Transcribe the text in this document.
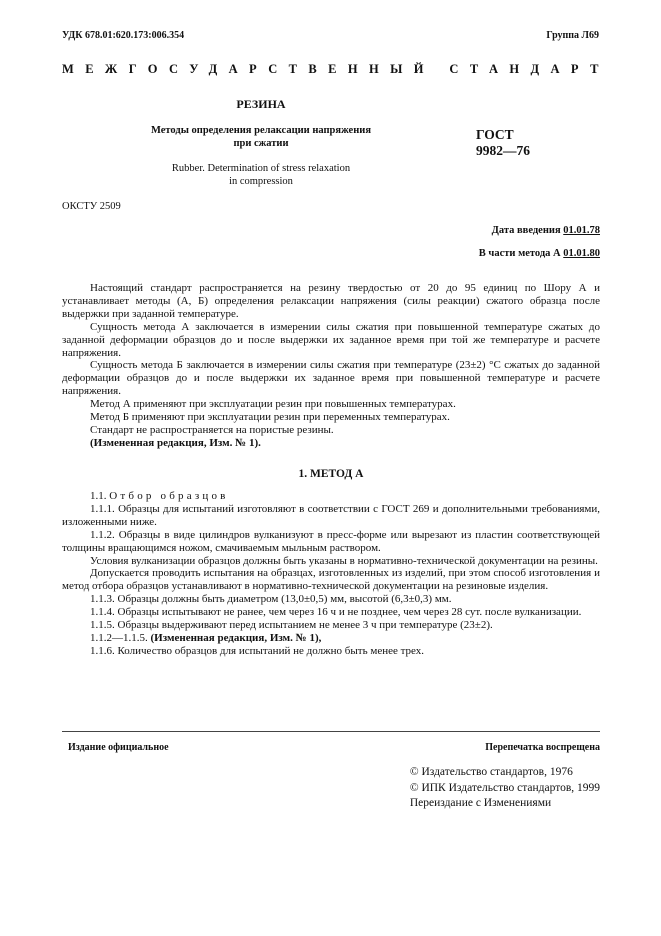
УДК 678.01:620.173:006.354	Группа Л69
МЕЖГОСУДАРСТВЕННЫЙ СТАНДАРТ
РЕЗИНА
Методы определения релаксации напряжения
при сжатии
Rubber. Determination of stress relaxation
in compression
ГОСТ
9982—76
ОКСТУ 2509
Дата введения 01.01.78
В части метода А 01.01.80

Настоящий стандарт распространяется на резину твердостью от 20 до 95 единиц по Шору А и устанавливает методы (А, Б) определения релаксации напряжения (силы реакции) сжатого образца после выдержки при заданной температуре.

Сущность метода А заключается в измерении силы сжатия при повышенной температуре сжатых до заданной деформации образцов до и после выдержки их заданное время при той же температуре и расчете напряжения.

Сущность метода Б заключается в измерении силы сжатия при температуре (23±2) °С сжатых до заданной деформации образцов до и после выдержки их заданное время при повышенной температуре и расчете напряжения.

Метод А применяют при эксплуатации резин при повышенных температурах.

Метод Б применяют при эксплуатации резин при переменных температурах.

Стандарт не распространяется на пористые резины.

(Измененная редакция, Изм. № 1).

1. МЕТОД А

1.1. Отбор образцов

1.1.1. Образцы для испытаний изготовляют в соответствии с ГОСТ 269 и дополнительными требованиями, изложенными ниже.

1.1.2. Образцы в виде цилиндров вулканизуют в пресс-форме или вырезают из пластин соответствующей толщины вращающимся ножом, смачиваемым мыльным раствором.

Условия вулканизации образцов должны быть указаны в нормативно-технической документации на резины.

Допускается проводить испытания на образцах, изготовленных из изделий, при этом способ изготовления и метод отбора образцов устанавливают в нормативно-технической документации на резиновые изделия.

1.1.3. Образцы должны быть диаметром (13,0±0,5) мм, высотой (6,3±0,3) мм.

1.1.4. Образцы испытывают не ранее, чем через 16 ч и не позднее, чем через 28 сут. после вулканизации.

1.1.5. Образцы выдерживают перед испытанием не менее 3 ч при температуре (23±2).

1.1.2—1.1.5. (Измененная редакция, Изм. № 1),

1.1.6. Количество образцов для испытаний не должно быть менее трех.

Издание официальное	Перепечатка воспрещена
© Издательство стандартов, 1976
© ИПК Издательство стандартов, 1999
Переиздание с Изменениями
